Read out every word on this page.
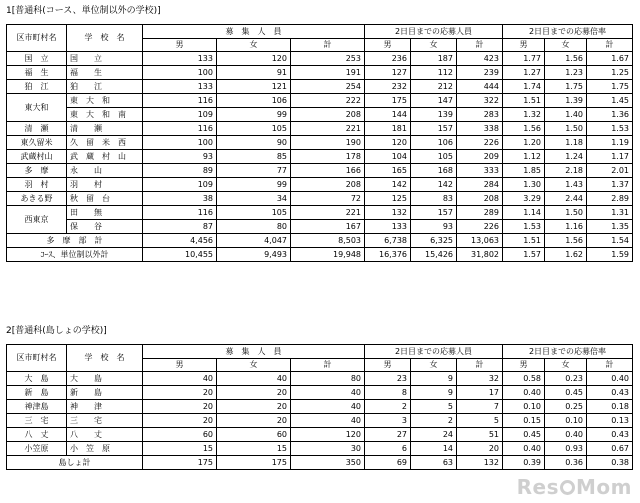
1[普通科(コース、単位制以外の学校)]
区市町村名	学　校　名	募　集　人　員			2日目までの応募人員			2日目までの応募倍率		
		男	女	計	男	女	計	男	女	計
国　立	国　　立	133	120	253	236	187	423	1.77	1.56	1.67
福　生	福　　生	100	91	191	127	112	239	1.27	1.23	1.25
狛　江	狛　　江	133	121	254	232	212	444	1.74	1.75	1.75
東大和	東　大　和	116	106	222	175	147	322	1.51	1.39	1.45
	東　大　和　南	109	99	208	144	139	283	1.32	1.40	1.36
清　瀬	清　　瀬	116	105	221	181	157	338	1.56	1.50	1.53
東久留米	久　留　米　西	100	90	190	120	106	226	1.20	1.18	1.19
武蔵村山	武　蔵　村　山	93	85	178	104	105	209	1.12	1.24	1.17
多　摩	永　　山	89	77	166	165	168	333	1.85	2.18	2.01
羽　村	羽　　村	109	99	208	142	142	284	1.30	1.43	1.37
あきる野	秋　留　台	38	34	72	125	83	208	3.29	2.44	2.89
西東京	田　　無	116	105	221	132	157	289	1.14	1.50	1.31
	保　　谷	87	80	167	133	93	226	1.53	1.16	1.35
多　摩　部　計		4,456	4,047	8,503	6,738	6,325	13,063	1.51	1.56	1.54
ｺｰｽ、単位制以外計		10,455	9,493	19,948	16,376	15,426	31,802	1.57	1.62	1.59
2[普通科(島しょの学校)]
区市町村名	学　校　名	募　集　人　員			2日目までの応募人員			2日目までの応募倍率		
		男	女	計	男	女	計	男	女	計
大　島	大　　島	40	40	80	23	9	32	0.58	0.23	0.40
新　島	新　　島	20	20	40	8	9	17	0.40	0.45	0.43
神津島	神　　津	20	20	40	2	5	7	0.10	0.25	0.18
三　宅	三　　宅	20	20	40	3	2	5	0.15	0.10	0.13
八　丈	八　　丈	60	60	120	27	24	51	0.45	0.40	0.43
小笠原	小　笠　原	15	15	30	6	14	20	0.40	0.93	0.67
島しょ計		175	175	350	69	63	132	0.39	0.36	0.38
Res Mom
